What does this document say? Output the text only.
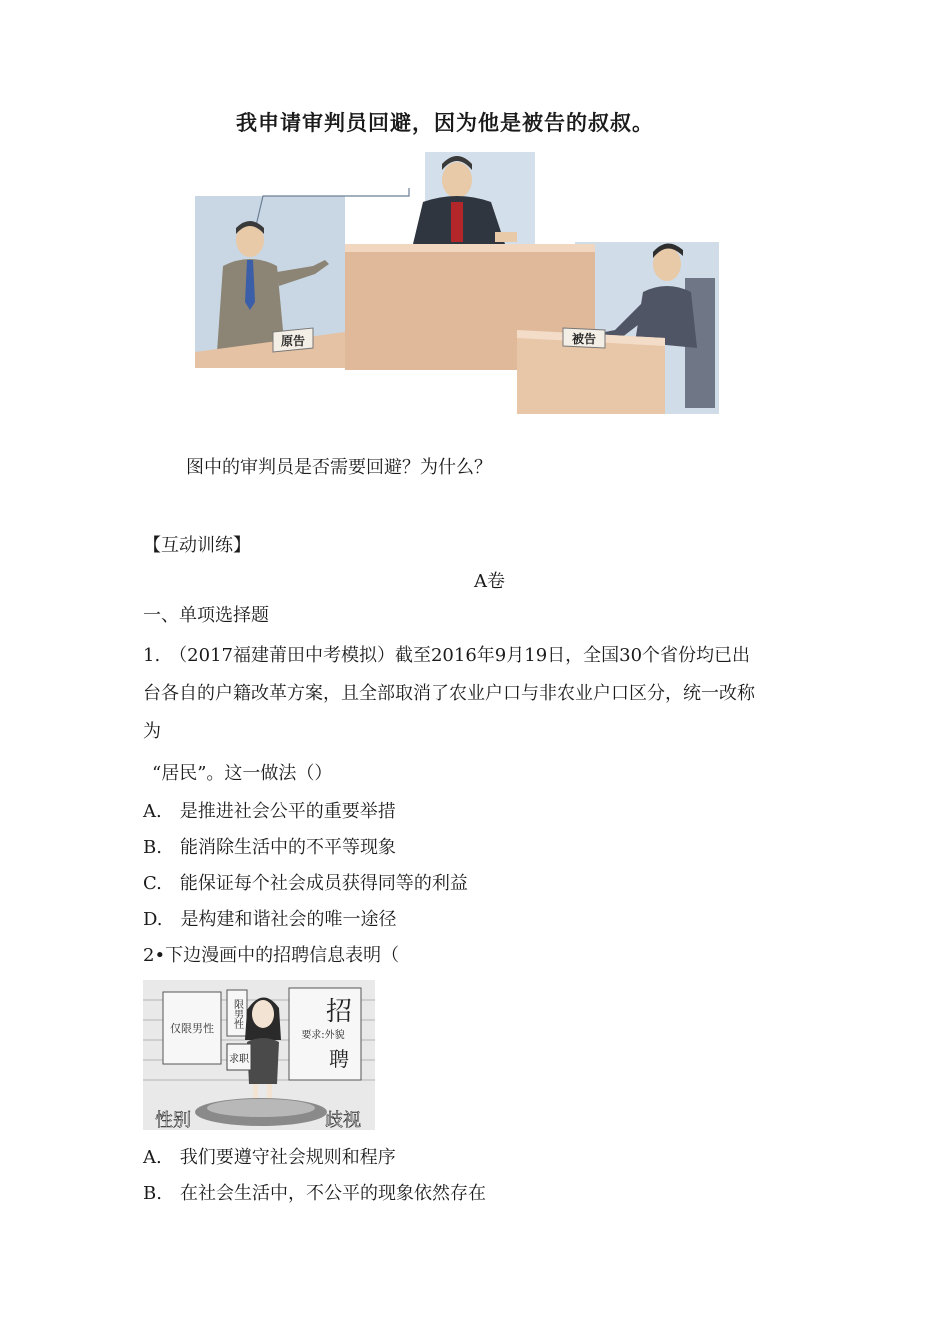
我申请审判员回避，因为他是被告的叔叔。
原告	被告
图中的审判员是否需要回避？为什么？
【互动训练】
A卷
一、单项选择题
1.　（2017福建莆田中考模拟）截至2016年9月19日，全国30个省份均已出
台各自的户籍改革方案，且全部取消了农业户口与非农业户口区分，统一改称
为
“居民”。这一做法（）
A.　是推进社会公平的重要举措
B.　能消除生活中的不平等现象
C.　能保证每个社会成员获得同等的利益
D.　是构建和谐社会的唯一途径
2•下边漫画中的招聘信息表明（
仅限男性 限男性	招
聘
要求:外貌
求职
性别	歧视
A.　我们要遵守社会规则和程序
B.　在社会生活中，不公平的现象依然存在
